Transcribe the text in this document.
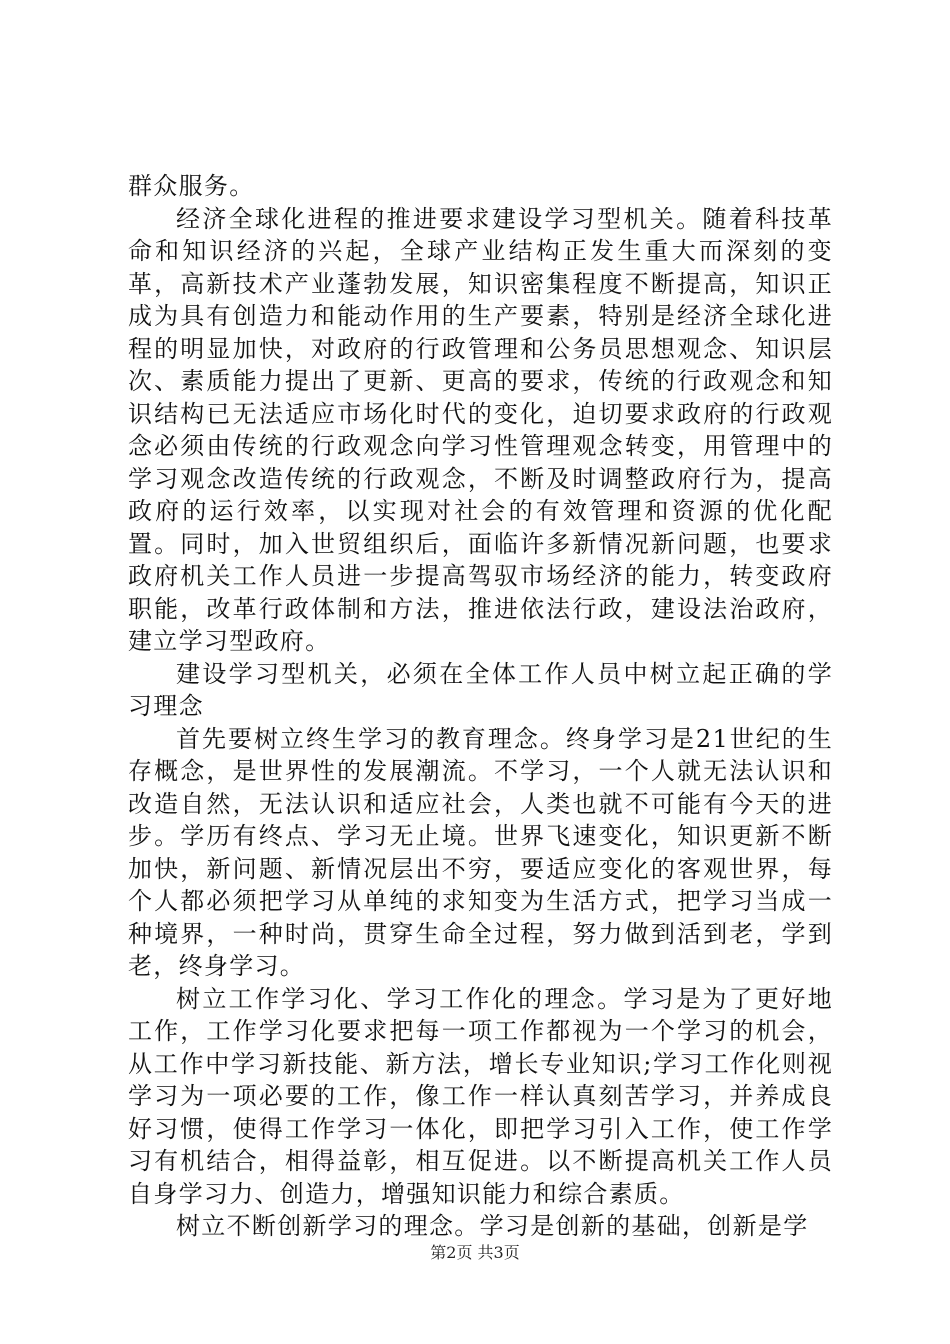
群众服务。

经济全球化进程的推进要求建设学习型机关。随着科技革命和知识经济的兴起，全球产业结构正发生重大而深刻的变革，高新技术产业蓬勃发展，知识密集程度不断提高，知识正成为具有创造力和能动作用的生产要素，特别是经济全球化进程的明显加快，对政府的行政管理和公务员思想观念、知识层次、素质能力提出了更新、更高的要求，传统的行政观念和知识结构已无法适应市场化时代的变化，迫切要求政府的行政观念必须由传统的行政观念向学习性管理观念转变，用管理中的学习观念改造传统的行政观念，不断及时调整政府行为，提高政府的运行效率，以实现对社会的有效管理和资源的优化配置。同时，加入世贸组织后，面临许多新情况新问题，也要求政府机关工作人员进一步提高驾驭市场经济的能力，转变政府职能，改革行政体制和方法，推进依法行政，建设法治政府，建立学习型政府。

建设学习型机关，必须在全体工作人员中树立起正确的学习理念

首先要树立终生学习的教育理念。终身学习是21世纪的生存概念，是世界性的发展潮流。不学习，一个人就无法认识和改造自然，无法认识和适应社会，人类也就不可能有今天的进步。学历有终点、学习无止境。世界飞速变化，知识更新不断加快，新问题、新情况层出不穷，要适应变化的客观世界，每个人都必须把学习从单纯的求知变为生活方式，把学习当成一种境界，一种时尚，贯穿生命全过程，努力做到活到老，学到老，终身学习。

树立工作学习化、学习工作化的理念。学习是为了更好地工作，工作学习化要求把每一项工作都视为一个学习的机会，从工作中学习新技能、新方法，增长专业知识;学习工作化则视学习为一项必要的工作，像工作一样认真刻苦学习，并养成良好习惯，使得工作学习一体化，即把学习引入工作，使工作学习有机结合，相得益彰，相互促进。以不断提高机关工作人员自身学习力、创造力，增强知识能力和综合素质。

树立不断创新学习的理念。学习是创新的基础，创新是学

第2页 共3页
